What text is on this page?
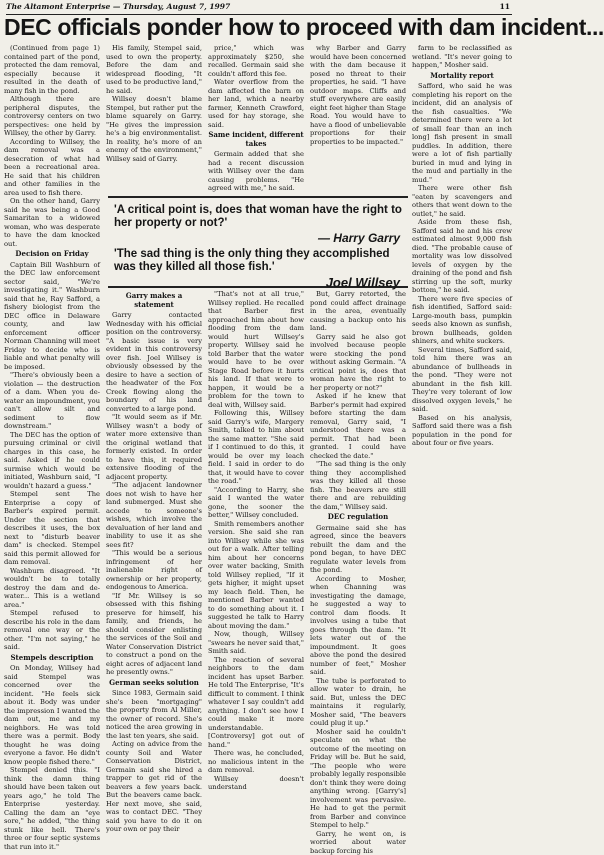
The Altamont Enterprise — Thursday, August 7, 1997	11
DEC officials ponder how to proceed with dam incident...

(Continued from page 1) contained part of the pond, protected the dam removal, especially because it resulted in the death of many fish in the pond.

Although there are peripheral disputes, the controversy centers on two perspectives: one held by Willsey, the other by Garry.

According to Willsey, the dam removal was a desecration of what had been a recreational area. He said that his children and other families in the area used to fish there.

On the other hand, Garry said he was being a Good Samaritan to a widowed woman, who was desperate to have the dam knocked out.

Decision on Friday

Captain Bill Washburn of the DEC law enforcement sector said, "We're investigating it." Washburn said that he, Ray Safford, a fishery biologist from the DEC office in Delaware county, and law enforcement officer Norman Channing will meet Friday to decide who is liable and what penalty will be imposed.

"There's obviously been a violation — the destruction of a dam. When you de-water an impoundment, you can't allow silt and sediment to flow downstream."

The DEC has the option of pursuing criminal or civil charges in this case, he said. Asked if he could surmise which would be initiated, Washburn said, "I wouldn't hazard a guess."

Stempel sent The Enterprise a copy of Barber's expired permit. Under the section that describes it uses, the box next to "disturb beaver dam" is checked. Stempel said this permit allowed for dam removal.

Washburn disagreed. "It wouldn't be to totally destroy the dam and de-water... This is a wetland area."

Stempel refused to describe his role in the dam removal one way or the other. "I'm not saying," he said.

Stempels description

On Monday, Willsey had said Stempel was concerned over the incident. "He feels sick about it. Body was under the impression I wanted the dam out, me and my neighbors. He was told there was a permit. Body thought he was doing everyone a favor. He didn't know people fished there."

Stempel denied this. "I think the damn thing should have been taken out years ago," he told The Enterprise yesterday. Calling the dam an "eye sore," he added, "the thing stunk like hell. There's three or four septic systems that run into it."

His family, Stempel said, used to own the property. Before the dam and widespread flooding, "It used to be productive land," he said.

Willsey doesn't blame Stempel, but rather put the blame squarely on Garry. "He gives the impression he's a big environmentalist. In reality, he's more of an enemy of the environment," Willsey said of Garry.

price," which was approximately $250, she recalled. Germain said she couldn't afford this fee.

Water overflow from the dam affected the barn on her land, which a nearby farmer, Kenneth Crawford, used for hay storage, she said.

Same incident, different takes

Germain added that she had a recent discussion with Willsey over the dam causing problems. "He agreed with me," he said.

why Barber and Garry would have been concerned with the dam because it posed no threat to their properties, he said. "I have outdoor maps. Cliffs and stuff everywhere are easily eight feet higher than Stage Road. You would have to have a flood of unbelievable proportions for their properties to be impacted."

'A critical point is, does that woman have the right to her property or not?'
— Harry Garry
'The sad thing is the only thing they accomplished was they killed all those fish.'
Joel Willsey
Garry makes a statement

Garry contacted Wednesday with his official position on the controversy. "A basic issue is very evident in this controversy over fish. Joel Willsey is obviously obsessed by the desire to have a section of the headwater of the Fox Creek flowing along the boundary of his land converted to a large pond.

"It would seem as if Mr. Willsey wasn't a body of water more extensive than the original wetland that formerly existed. In order to have this, it required extensive flooding of the adjacent property.

"The adjacent landowner does not wish to have her land submerged. Must she accede to someone's wishes, which involve the devaluation of her land and inability to use it as she sees fit?

"This would be a serious infringement of her inalienable right of ownership or her property, endogenous to America.

"If Mr. Willsey is so obsessed with this fishing preserve for himself, his family, and friends, he should consider enlisting the services of the Soil and Water Conservation District to construct a pond on the eight acres of adjacent land he presently owns."

German seeks solution

Since 1983, Germain said she's been "mortgaging" the property from Al Miller, the owner of record. She's noticed the area growing in the last ten years, she said.

Acting on advice from the county Soil and Water Conservation District, Germain said she hired a trapper to get rid of the beavers a few years back. But the beavers came back. Her next move, she said, was to contact DEC. "They said you have to do it on your own or pay their

"That's not at all true," Willsey replied. He recalled that Barber first approached him about how flooding from the dam would hurt Willsey's property. Willsey said he told Barber that the water would have to be over Stage Road before it hurts his land. If that were to happen, it would be a problem for the town to deal with, Willsey said.

Following this, Willsey said Garry's wife, Margery Smith, talked to him about the same matter. "She said if I continued to do this, it would be over my leach field. I said in order to do that, it would have to cover the road."

"According to Harry, she said I wanted the water gone, the sooner the better," Willsey concluded.

Smith remembers another version. She said she ran into Willsey while she was out for a walk. After telling him about her concerns over water backing, Smith told Willsey replied, "If it gets higher, it might upset my leach field. Then, he mentioned Barber wanted to do something about it. I suggested he talk to Harry about moving the dam."

Now, though, Willsey "swears he never said that," Smith said.

The reaction of several neighbors to the dam incident has upset Barber. He told The Enterprise, "It's difficult to comment. I think whatever I say couldn't add anything. I don't see how I could make it more understandable. [Controversy] got out of hand."

There was, he concluded, no malicious intent in the dam removal.

Willsey doesn't understand

But, Garry retorted, the pond could affect drainage in the area, eventually causing a backup onto his land.

Garry said he also got involved because people were stocking the pond without asking Germain. "A critical point is, does that woman have the right to her property or not?"

Asked if he knew that Barber's permit had expired before starting the dam removal, Garry said, "I understood there was a permit. That had been granted. I could have checked the date."

"The sad thing is the only thing they accomplished was they killed all those fish. The beavers are still there and are rebuilding the dam," Willsey said.

DEC regulation

Germaine said she has agreed, since the beavers rebuilt the dam and the pond began, to have DEC regulate water levels from the pond.

According to Mosher, when Channing was investigating the damage, he suggested a way to control dam floods. It involves using a tube that goes through the dam. "It lets water out of the impoundment. It goes above the pond the desired number of feet," Mosher said.

The tube is perforated to allow water to drain, he said. But, unless the DEC maintains it regularly, Mosher said, "The beavers could plug it up."

Mosher said he couldn't speculate on what the outcome of the meeting on Friday will be. But he said, "The people who were probably legally responsible don't think they were doing anything wrong. [Garry's] involvement was pervasive. He had to get the permit from Barber and convince Stempel to help."

Garry, he went on, is worried about water backup forcing his

farm to be reclassified as wetland. "It's never going to happen," Mosher said.

Mortality report

Safford, who said he was completing his report on the incident, did an analysis of the fish casualties. "We determined there were a lot of small fear than an inch long] fish present in small puddles. In addition, there were a lot of fish partially buried in mud and lying in the mud and partially in the mud."

There were other fish "eaten by scavengers and others that went down to the outlet," he said.

Aside from these fish, Safford said he and his crew estimated almost 9,000 fish died. "The probable cause of mortality was low dissolved levels of oxygen by the draining of the pond and fish stirring up the soft, murky bottom," he said.

There were five species of fish identified, Safford said: Large-mouth bass, pumpkin seeds also known as sunfish, brown bullheads, golden shiners, and white suckers.

Several times, Safford said, told him there was an abundance of bullheads in the pond. "They were not abundant in the fish kill. They're very tolerant of low dissolved oxygen levels," he said.

Based on his analysis, Safford said there was a fish population in the pond for about four or five years.
